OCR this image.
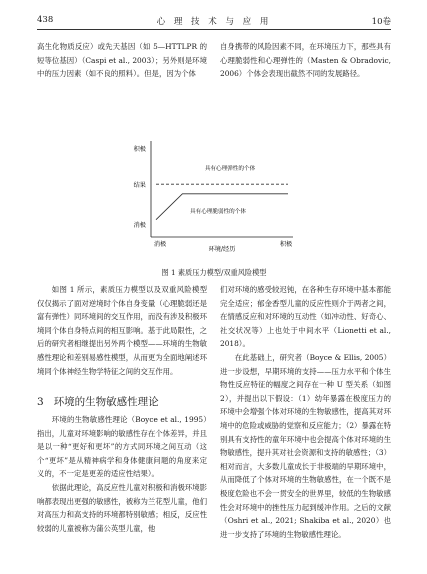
438	心 理 技 术 与 应 用	10卷

高生化物质反应）或先天基因（如 5—HTTLPR 的短等位基因）（Caspi et al., 2003）；另外则是环境中的压力因素（如不良的照料）。但是，因为个体

自身携带的风险因素不同，在环境压力下，那些具有心理脆弱性和心理弹性的（Masten & Obradovic, 2006）个体会表现出截然不同的发展路径。

积极
结果
消极
具有心理弹性的个体
具有心理脆弱性的个体
消极
环境/经历
积极
图 1 素质压力模型/双重风险模型

如图 1 所示，素质压力模型以及双重风险模型仅仅揭示了面对逆境时个体自身变量（心理脆弱还是富有弹性）同环境间的交互作用，而没有涉及积极环境同个体自身特点间的相互影响。基于此局限性，之后的研究者相继提出另外两个模型——环境的生物敏感性理论和差别易感性模型，从而更为全面地阐述环境同个体神经生物学特征之间的交互作用。

3 环境的生物敏感性理论

环境的生物敏感性理论（Boyce et al., 1995）指出，儿童对环境影响的敏感性存在个体差异，并且是以一种“更好和更坏”的方式同环境之间互动（这个“更坏”是从精神病学和身体健康问题的角度来定义的，不一定是更差的适应性结果）。

依据此理论，高反应性儿童对积极和消极环境影响都表现出更强的敏感性，被称为兰花型儿童，他们对高压力和高支持的环境都特别敏感；相反，反应性较弱的儿童被称为蒲公英型儿童，他

们对环境的感受较迟钝，在各种生存环境中基本都能完全适应；郁金香型儿童的反应性则介于两者之间，在情感反应和对环境的互动性（如冲动性、好奇心、社交状况等）上也处于中间水平（Lionetti et al., 2018）。

在此基础上，研究者（Boyce & Ellis, 2005）进一步设想，早期环境的支持——压力水平和个体生物性反应特征的幅度之间存在一种 U 型关系（如图 2），并提出以下假设：（1）幼年暴露在极度压力的环境中会增强个体对环境的生物敏感性，提高其对环境中的危险或威胁的觉察和反应能力；（2）暴露在特别具有支持性的童年环境中也会提高个体对环境的生物敏感性，提升其对社会资源和支持的敏感性；（3）相对而言，大多数儿童成长于非极端的早期环境中，从而降低了个体对环境的生物敏感性，在一个既不是极度危险也不会一贯安全的世界里，较低的生物敏感性会对环境中的挫性压力起到缓冲作用。之后的文献（Oshri et al., 2021; Shakiba et al., 2020）也进一步支持了环境的生物敏感性理论。
